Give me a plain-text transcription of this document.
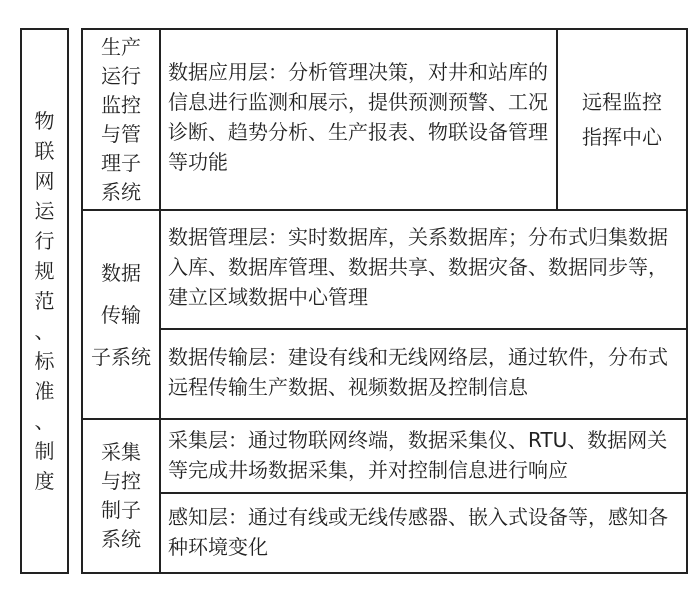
物
联
网
运
行
规
范
、
标
准
、
制
度
生产
运行
监控
与管
理子
系统
数据应用层：分析管理决策，对井和站库的信息进行监测和展示，提供预测预警、工况诊断、趋势分析、生产报表、物联设备管理等功能
远程监控
指挥中心
数据
传输
子系统
数据管理层：实时数据库，关系数据库；分布式归集数据入库、数据库管理、数据共享、数据灾备、数据同步等，建立区域数据中心管理
数据传输层：建设有线和无线网络层，通过软件，分布式远程传输生产数据、视频数据及控制信息
采集
与控
制子
系统
采集层：通过物联网终端，数据采集仪、RTU、数据网关等完成井场数据采集，并对控制信息进行响应
感知层：通过有线或无线传感器、嵌入式设备等，感知各种环境变化
